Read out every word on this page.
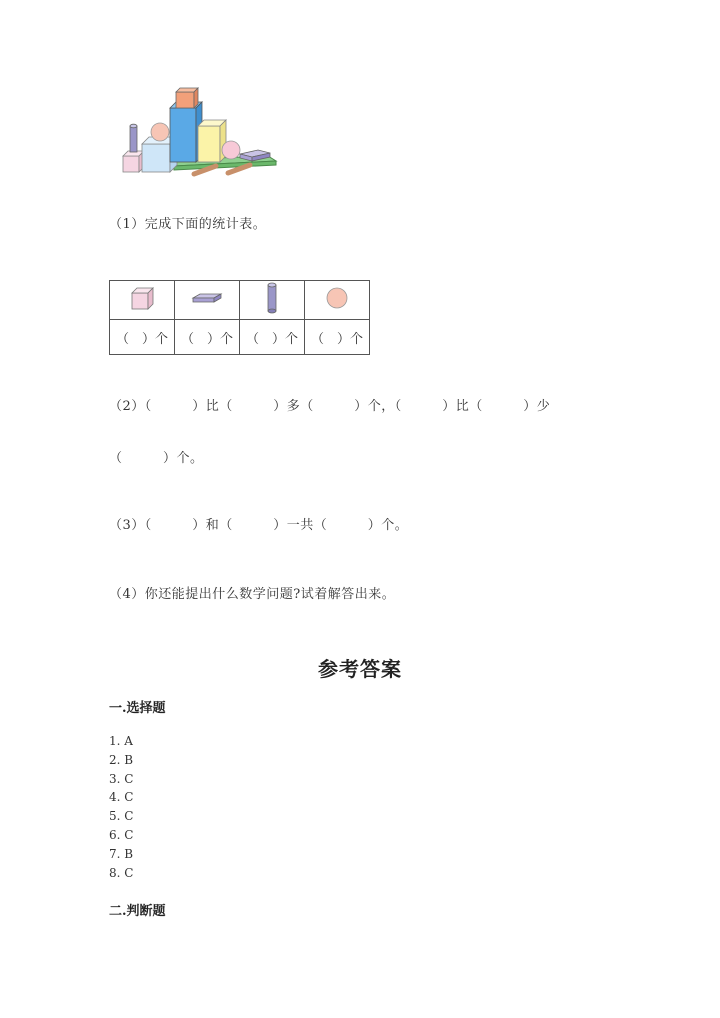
（1）完成下面的统计表。

（　）个	（　）个	（　）个	（　）个
（2）（　　　）比（　　　）多（　　　）个，（　　　）比（　　　）少
（　　　）个。
（3）（　　　）和（　　　）一共（　　　）个。
（4）你还能提出什么数学问题?试着解答出来。
参考答案
一.选择题
1. A
2. B
3. C
4. C
5. C
6. C
7. B
8. C
二.判断题
